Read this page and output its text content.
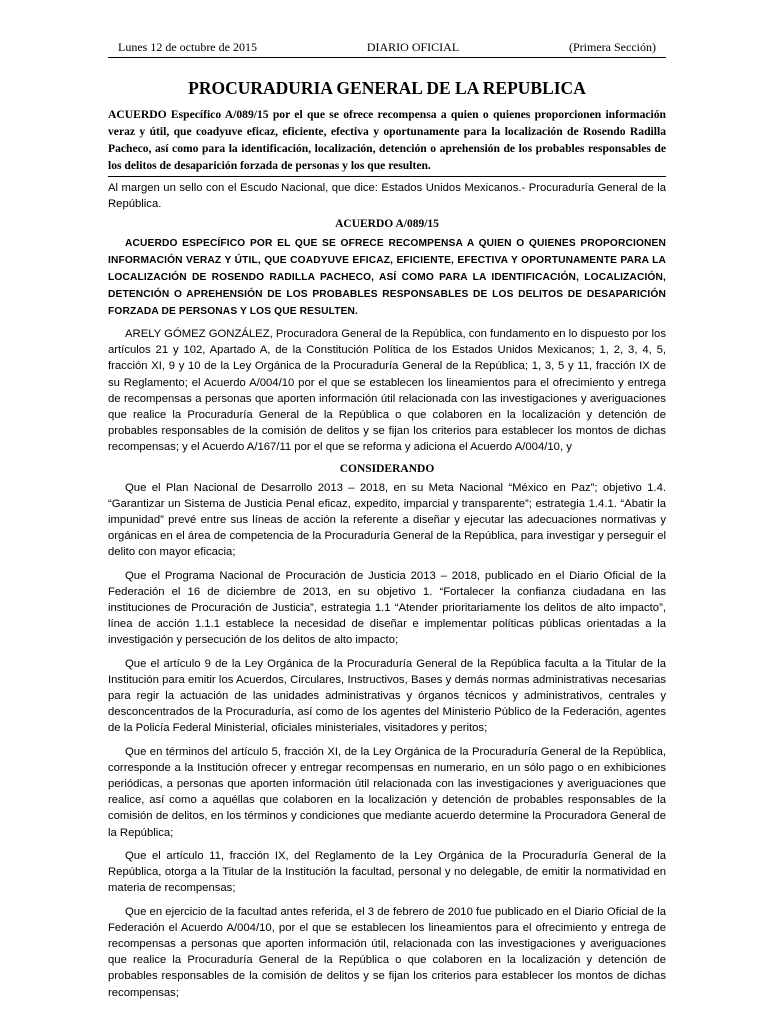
Lunes 12 de octubre de 2015	DIARIO OFICIAL	(Primera Sección)
PROCURADURIA GENERAL DE LA REPUBLICA
ACUERDO Específico A/089/15 por el que se ofrece recompensa a quien o quienes proporcionen información veraz y útil, que coadyuve eficaz, eficiente, efectiva y oportunamente para la localización de Rosendo Radilla Pacheco, así como para la identificación, localización, detención o aprehensión de los probables responsables de los delitos de desaparición forzada de personas y los que resulten.
Al margen un sello con el Escudo Nacional, que dice: Estados Unidos Mexicanos.- Procuraduría General de la República.
ACUERDO A/089/15
ACUERDO ESPECÍFICO POR EL QUE SE OFRECE RECOMPENSA A QUIEN O QUIENES PROPORCIONEN INFORMACIÓN VERAZ Y ÚTIL, QUE COADYUVE EFICAZ, EFICIENTE, EFECTIVA Y OPORTUNAMENTE PARA LA LOCALIZACIÓN DE ROSENDO RADILLA PACHECO, ASÍ COMO PARA LA IDENTIFICACIÓN, LOCALIZACIÓN, DETENCIÓN O APREHENSIÓN DE LOS PROBABLES RESPONSABLES DE LOS DELITOS DE DESAPARICIÓN FORZADA DE PERSONAS Y LOS QUE RESULTEN.

ARELY GÓMEZ GONZÁLEZ, Procuradora General de la República, con fundamento en lo dispuesto por los artículos 21 y 102, Apartado A, de la Constitución Política de los Estados Unidos Mexicanos; 1, 2, 3, 4, 5, fracción XI, 9 y 10 de la Ley Orgánica de la Procuraduría General de la República; 1, 3, 5 y 11, fracción IX de su Reglamento; el Acuerdo A/004/10 por el que se establecen los lineamientos para el ofrecimiento y entrega de recompensas a personas que aporten información útil relacionada con las investigaciones y averiguaciones que realice la Procuraduría General de la República o que colaboren en la localización y detención de probables responsables de la comisión de delitos y se fijan los criterios para establecer los montos de dichas recompensas; y el Acuerdo A/167/11 por el que se reforma y adiciona el Acuerdo A/004/10, y

CONSIDERANDO

Que el Plan Nacional de Desarrollo 2013 – 2018, en su Meta Nacional “México en Paz”; objetivo 1.4. “Garantizar un Sistema de Justicia Penal eficaz, expedito, imparcial y transparente”; estrategia 1.4.1. “Abatir la impunidad” prevé entre sus líneas de acción la referente a diseñar y ejecutar las adecuaciones normativas y orgánicas en el área de competencia de la Procuraduría General de la República, para investigar y perseguir el delito con mayor eficacia;

Que el Programa Nacional de Procuración de Justicia 2013 – 2018, publicado en el Diario Oficial de la Federación el 16 de diciembre de 2013, en su objetivo 1. “Fortalecer la confianza ciudadana en las instituciones de Procuración de Justicia”, estrategia 1.1 “Atender prioritariamente los delitos de alto impacto”, línea de acción 1.1.1 establece la necesidad de diseñar e implementar políticas públicas orientadas a la investigación y persecución de los delitos de alto impacto;

Que el artículo 9 de la Ley Orgánica de la Procuraduría General de la República faculta a la Titular de la Institución para emitir los Acuerdos, Circulares, Instructivos, Bases y demás normas administrativas necesarias para regir la actuación de las unidades administrativas y órganos técnicos y administrativos, centrales y desconcentrados de la Procuraduría, así como de los agentes del Ministerio Público de la Federación, agentes de la Policía Federal Ministerial, oficiales ministeriales, visitadores y peritos;

Que en términos del artículo 5, fracción XI, de la Ley Orgánica de la Procuraduría General de la República, corresponde a la Institución ofrecer y entregar recompensas en numerario, en un sólo pago o en exhibiciones periódicas, a personas que aporten información útil relacionada con las investigaciones y averiguaciones que realice, así como a aquéllas que colaboren en la localización y detención de probables responsables de la comisión de delitos, en los términos y condiciones que mediante acuerdo determine la Procuradora General de la República;

Que el artículo 11, fracción IX, del Reglamento de la Ley Orgánica de la Procuraduría General de la República, otorga a la Titular de la Institución la facultad, personal y no delegable, de emitir la normatividad en materia de recompensas;

Que en ejercicio de la facultad antes referida, el 3 de febrero de 2010 fue publicado en el Diario Oficial de la Federación el Acuerdo A/004/10, por el que se establecen los lineamientos para el ofrecimiento y entrega de recompensas a personas que aporten información útil, relacionada con las investigaciones y averiguaciones que realice la Procuraduría General de la República o que colaboren en la localización y detención de probables responsables de la comisión de delitos y se fijan los criterios para establecer los montos de dichas recompensas;
